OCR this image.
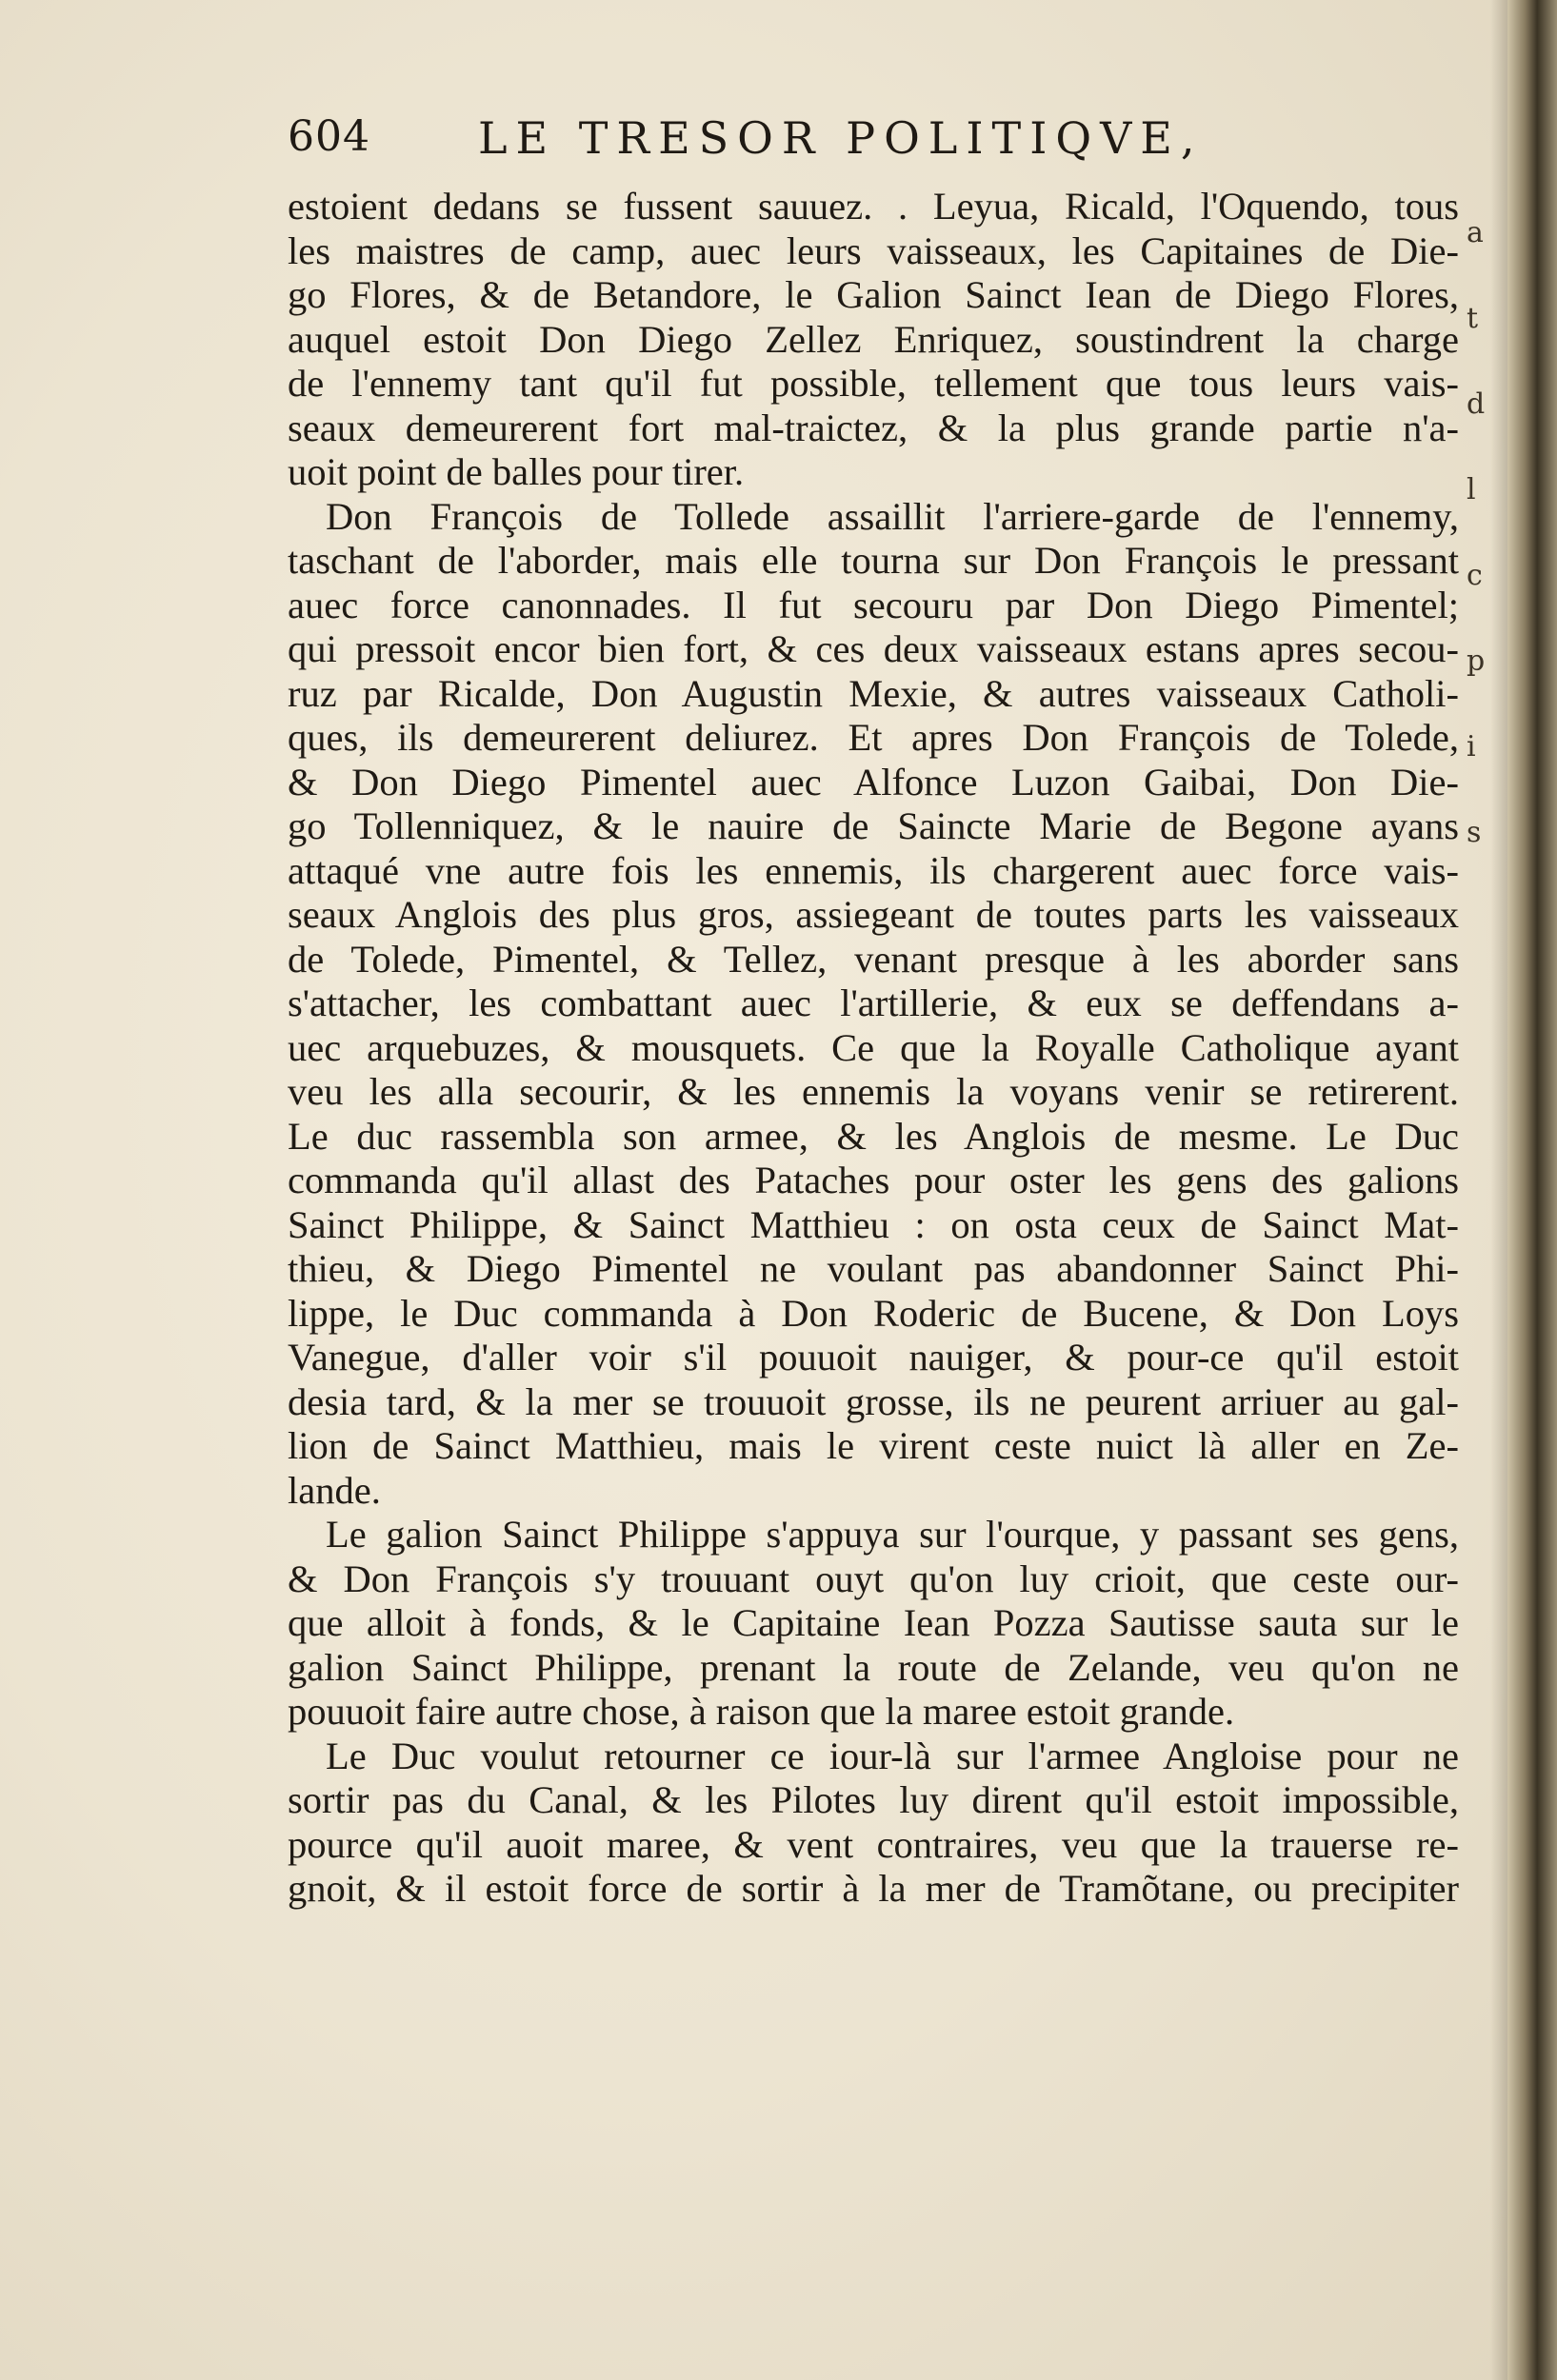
604 LE TRESOR POLITIQVE,
estoient dedans se fussent sauuez. . Leyua, Ricald, l'Oquendo, tous
les maistres de camp, auec leurs vaisseaux, les Capitaines de Die-
go Flores, & de Betandore, le Galion Sainct Iean de Diego Flores,
auquel estoit Don Diego Zellez Enriquez, soustindrent la charge
de l'ennemy tant qu'il fut possible, tellement que tous leurs vais-
seaux demeurerent fort mal-traictez, & la plus grande partie n'a-
uoit point de balles pour tirer.
Don François de Tollede assaillit l'arriere-garde de l'ennemy,
taschant de l'aborder, mais elle tourna sur Don François le pressant
auec force canonnades. Il fut secouru par Don Diego Pimentel;
qui pressoit encor bien fort, & ces deux vaisseaux estans apres secou-
ruz par Ricalde, Don Augustin Mexie, & autres vaisseaux Catholi-
ques, ils demeurerent deliurez. Et apres Don François de Tolede,
& Don Diego Pimentel auec Alfonce Luzon Gaibai, Don Die-
go Tollenniquez, & le nauire de Saincte Marie de Begone ayans
attaqué vne autre fois les ennemis, ils chargerent auec force vais-
seaux Anglois des plus gros, assiegeant de toutes parts les vaisseaux
de Tolede, Pimentel, & Tellez, venant presque à les aborder sans
s'attacher, les combattant auec l'artillerie, & eux se deffendans a-
uec arquebuzes, & mousquets. Ce que la Royalle Catholique ayant
veu les alla secourir, & les ennemis la voyans venir se retirerent.
Le duc rassembla son armee, & les Anglois de mesme. Le Duc
commanda qu'il allast des Pataches pour oster les gens des galions
Sainct Philippe, & Sainct Matthieu : on osta ceux de Sainct Mat-
thieu, & Diego Pimentel ne voulant pas abandonner Sainct Phi-
lippe, le Duc commanda à Don Roderic de Bucene, & Don Loys
Vanegue, d'aller voir s'il pouuoit nauiger, & pour-ce qu'il estoit
desia tard, & la mer se trouuoit grosse, ils ne peurent arriuer au gal-
lion de Sainct Matthieu, mais le virent ceste nuict là aller en Ze-
lande.
Le galion Sainct Philippe s'appuya sur l'ourque, y passant ses gens,
& Don François s'y trouuant ouyt qu'on luy crioit, que ceste our-
que alloit à fonds, & le Capitaine Iean Pozza Sautisse sauta sur le
galion Sainct Philippe, prenant la route de Zelande, veu qu'on ne
pouuoit faire autre chose, à raison que la maree estoit grande.
Le Duc voulut retourner ce iour-là sur l'armee Angloise pour ne
sortir pas du Canal, & les Pilotes luy dirent qu'il estoit impossible,
pource qu'il auoit maree, & vent contraires, veu que la trauerse re-
gnoit, & il estoit force de sortir à la mer de Tramõtane, ou precipiter
a
t
d
l
c
p
i
s
